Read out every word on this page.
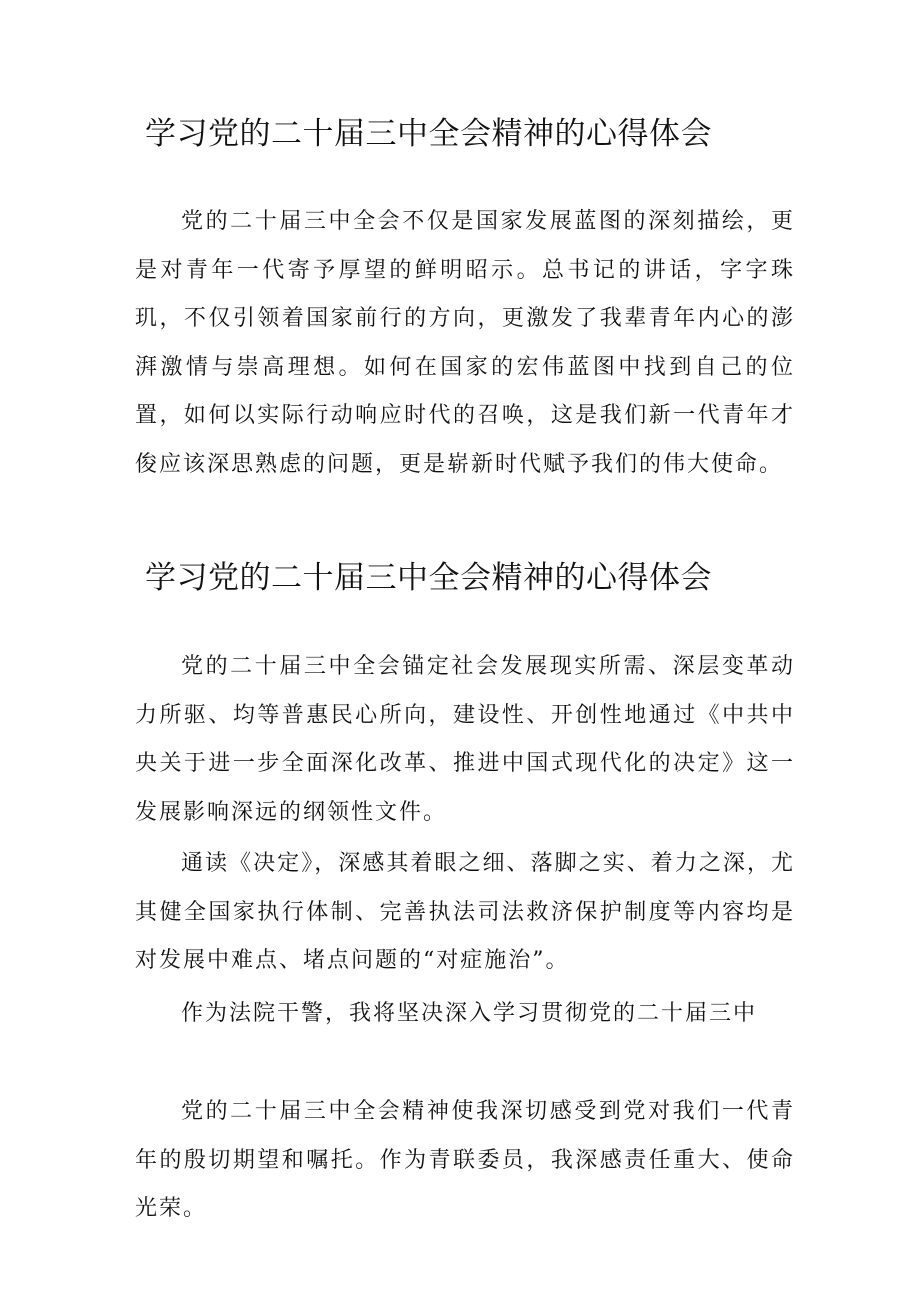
学习党的二十届三中全会精神的心得体会

党的二十届三中全会不仅是国家发展蓝图的深刻描绘，更是对青年一代寄予厚望的鲜明昭示。总书记的讲话，字字珠玑，不仅引领着国家前行的方向，更激发了我辈青年内心的澎湃激情与崇高理想。如何在国家的宏伟蓝图中找到自己的位置，如何以实际行动响应时代的召唤，这是我们新一代青年才俊应该深思熟虑的问题，更是崭新时代赋予我们的伟大使命。

学习党的二十届三中全会精神的心得体会

党的二十届三中全会锚定社会发展现实所需、深层变革动力所驱、均等普惠民心所向，建设性、开创性地通过《中共中央关于进一步全面深化改革、推进中国式现代化的决定》这一发展影响深远的纲领性文件。

通读《决定》，深感其着眼之细、落脚之实、着力之深，尤其健全国家执行体制、完善执法司法救济保护制度等内容均是对发展中难点、堵点问题的“对症施治”。

作为法院干警，我将坚决深入学习贯彻党的二十届三中

党的二十届三中全会精神使我深切感受到党对我们一代青年的殷切期望和嘱托。作为青联委员，我深感责任重大、使命光荣。
